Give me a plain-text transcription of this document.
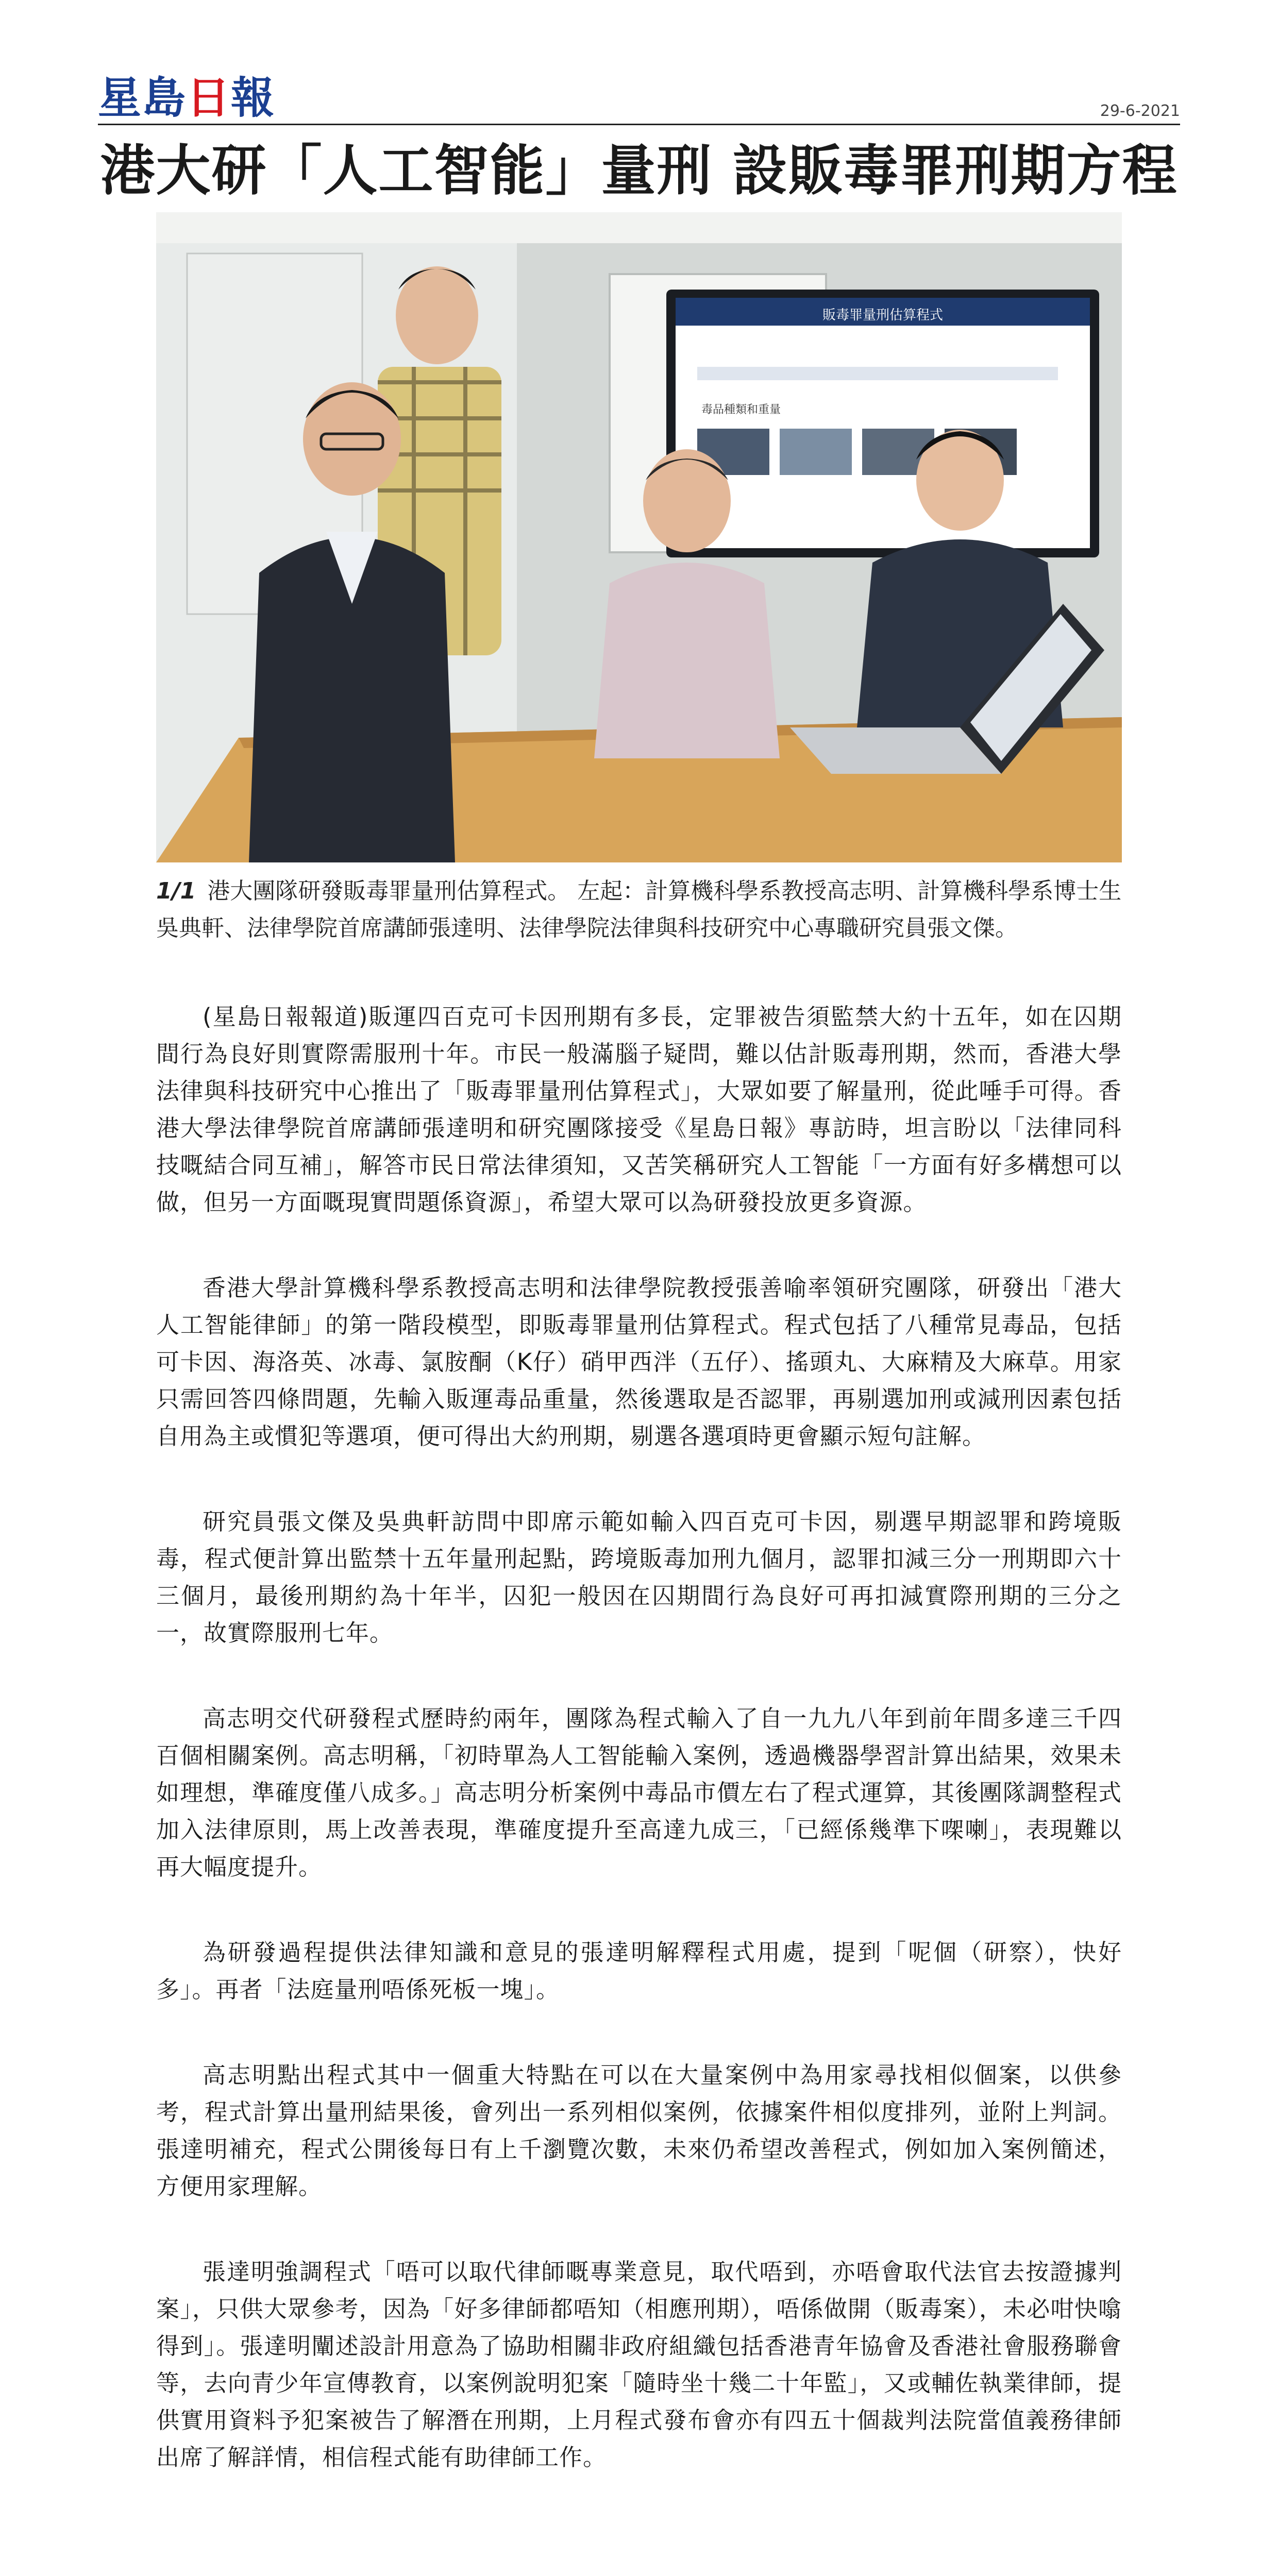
星島日報	29-6-2021
港大研「人工智能」量刑 設販毒罪刑期方程
販毒罪量刑估算程式
毒品種類和重量
1/1 港大團隊研發販毒罪量刑估算程式。 左起：計算機科學系教授高志明、計算機科學系博士生吳典軒、法律學院首席講師張達明、法律學院法律與科技研究中心專職研究員張文傑。

(星島日報報道)販運四百克可卡因刑期有多長，定罪被告須監禁大約十五年，如在囚期間行為良好則實際需服刑十年。市民一般滿腦子疑問，難以估計販毒刑期，然而，香港大學法律與科技研究中心推出了「販毒罪量刑估算程式」，大眾如要了解量刑，從此唾手可得。香港大學法律學院首席講師張達明和研究團隊接受《星島日報》專訪時，坦言盼以「法律同科技嘅結合同互補」，解答市民日常法律須知，又苦笑稱研究人工智能「一方面有好多構想可以做，但另一方面嘅現實問題係資源」，希望大眾可以為研發投放更多資源。

香港大學計算機科學系教授高志明和法律學院教授張善喻率領研究團隊，研發出「港大人工智能律師」的第一階段模型，即販毒罪量刑估算程式。程式包括了八種常見毒品，包括可卡因、海洛英、冰毒、氯胺酮（K仔）硝甲西泮（五仔）、搖頭丸、大麻精及大麻草。用家只需回答四條問題，先輸入販運毒品重量，然後選取是否認罪，再剔選加刑或減刑因素包括自用為主或慣犯等選項，便可得出大約刑期，剔選各選項時更會顯示短句註解。

研究員張文傑及吳典軒訪問中即席示範如輸入四百克可卡因，剔選早期認罪和跨境販毒，程式便計算出監禁十五年量刑起點，跨境販毒加刑九個月，認罪扣減三分一刑期即六十三個月，最後刑期約為十年半，囚犯一般因在囚期間行為良好可再扣減實際刑期的三分之一，故實際服刑七年。

高志明交代研發程式歷時約兩年，團隊為程式輸入了自一九九八年到前年間多達三千四百個相關案例。高志明稱，「初時單為人工智能輸入案例，透過機器學習計算出結果，效果未如理想，準確度僅八成多。」高志明分析案例中毒品市價左右了程式運算，其後團隊調整程式加入法律原則，馬上改善表現，準確度提升至高達九成三，「已經係幾準下㗎喇」，表現難以再大幅度提升。

為研發過程提供法律知識和意見的張達明解釋程式用處，提到「呢個（研察），快好多」。再者「法庭量刑唔係死板一塊」。

高志明點出程式其中一個重大特點在可以在大量案例中為用家尋找相似個案，以供參考，程式計算出量刑結果後，會列出一系列相似案例，依據案件相似度排列，並附上判詞。張達明補充，程式公開後每日有上千瀏覽次數，未來仍希望改善程式，例如加入案例簡述，方便用家理解。

張達明強調程式「唔可以取代律師嘅專業意見，取代唔到，亦唔會取代法官去按證據判案」，只供大眾參考，因為「好多律師都唔知（相應刑期），唔係做開（販毒案），未必咁快噏得到」。張達明闡述設計用意為了協助相關非政府組織包括香港青年協會及香港社會服務聯會等，去向青少年宣傳教育，以案例說明犯案「隨時坐十幾二十年監」，又或輔佐執業律師，提供實用資料予犯案被告了解潛在刑期，上月程式發布會亦有四五十個裁判法院當值義務律師出席了解詳情，相信程式能有助律師工作。
